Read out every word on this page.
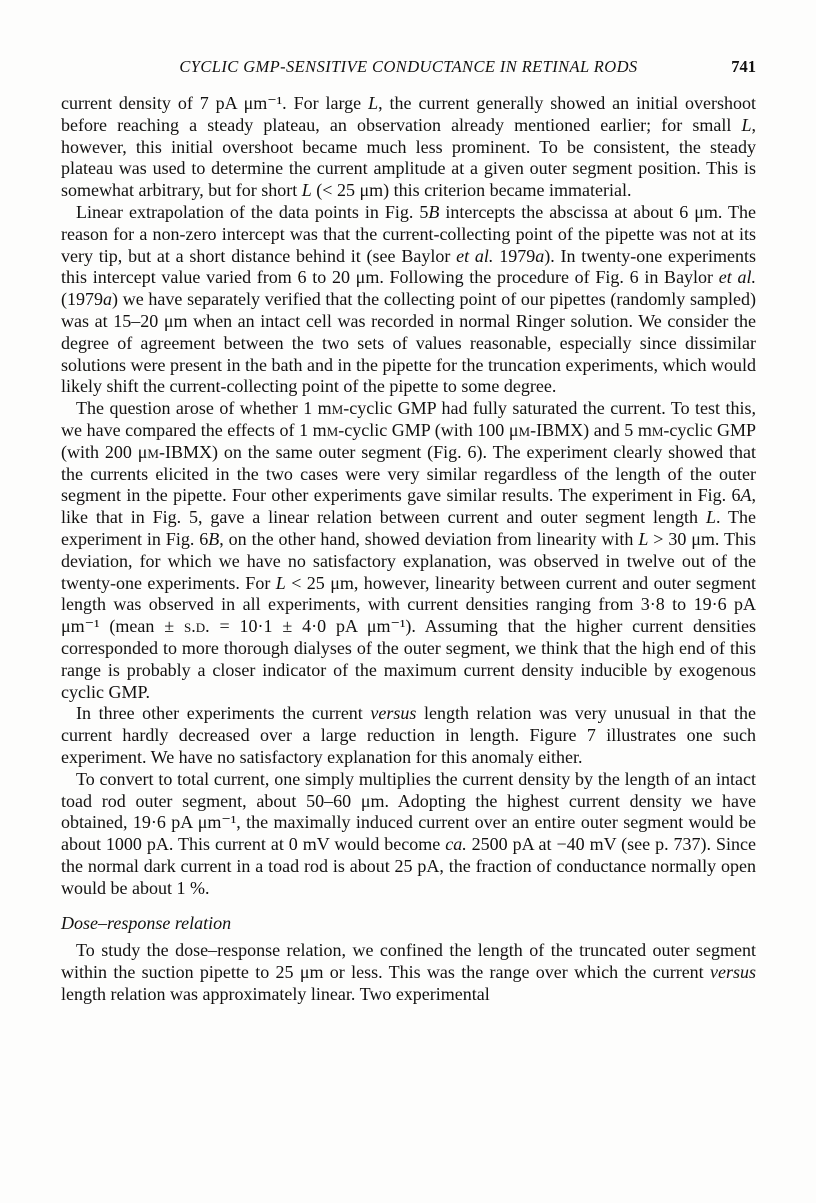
CYCLIC GMP-SENSITIVE CONDUCTANCE IN RETINAL RODS	741

current density of 7 pA μm⁻¹. For large L, the current generally showed an initial overshoot before reaching a steady plateau, an observation already mentioned earlier; for small L, however, this initial overshoot became much less prominent. To be consistent, the steady plateau was used to determine the current amplitude at a given outer segment position. This is somewhat arbitrary, but for short L (< 25 μm) this criterion became immaterial.

Linear extrapolation of the data points in Fig. 5B intercepts the abscissa at about 6 μm. The reason for a non-zero intercept was that the current-collecting point of the pipette was not at its very tip, but at a short distance behind it (see Baylor et al. 1979a). In twenty-one experiments this intercept value varied from 6 to 20 μm. Following the procedure of Fig. 6 in Baylor et al. (1979a) we have separately verified that the collecting point of our pipettes (randomly sampled) was at 15–20 μm when an intact cell was recorded in normal Ringer solution. We consider the degree of agreement between the two sets of values reasonable, especially since dissimilar solutions were present in the bath and in the pipette for the truncation experiments, which would likely shift the current-collecting point of the pipette to some degree.

The question arose of whether 1 mm-cyclic GMP had fully saturated the current. To test this, we have compared the effects of 1 mm-cyclic GMP (with 100 μm-IBMX) and 5 mm-cyclic GMP (with 200 μm-IBMX) on the same outer segment (Fig. 6). The experiment clearly showed that the currents elicited in the two cases were very similar regardless of the length of the outer segment in the pipette. Four other experiments gave similar results. The experiment in Fig. 6A, like that in Fig. 5, gave a linear relation between current and outer segment length L. The experiment in Fig. 6B, on the other hand, showed deviation from linearity with L > 30 μm. This deviation, for which we have no satisfactory explanation, was observed in twelve out of the twenty-one experiments. For L < 25 μm, however, linearity between current and outer segment length was observed in all experiments, with current densities ranging from 3·8 to 19·6 pA μm⁻¹ (mean ± s.d. = 10·1 ± 4·0 pA μm⁻¹). Assuming that the higher current densities corresponded to more thorough dialyses of the outer segment, we think that the high end of this range is probably a closer indicator of the maximum current density inducible by exogenous cyclic GMP.

In three other experiments the current versus length relation was very unusual in that the current hardly decreased over a large reduction in length. Figure 7 illustrates one such experiment. We have no satisfactory explanation for this anomaly either.

To convert to total current, one simply multiplies the current density by the length of an intact toad rod outer segment, about 50–60 μm. Adopting the highest current density we have obtained, 19·6 pA μm⁻¹, the maximally induced current over an entire outer segment would be about 1000 pA. This current at 0 mV would become ca. 2500 pA at −40 mV (see p. 737). Since the normal dark current in a toad rod is about 25 pA, the fraction of conductance normally open would be about 1 %.

Dose–response relation

To study the dose–response relation, we confined the length of the truncated outer segment within the suction pipette to 25 μm or less. This was the range over which the current versus length relation was approximately linear. Two experimental
